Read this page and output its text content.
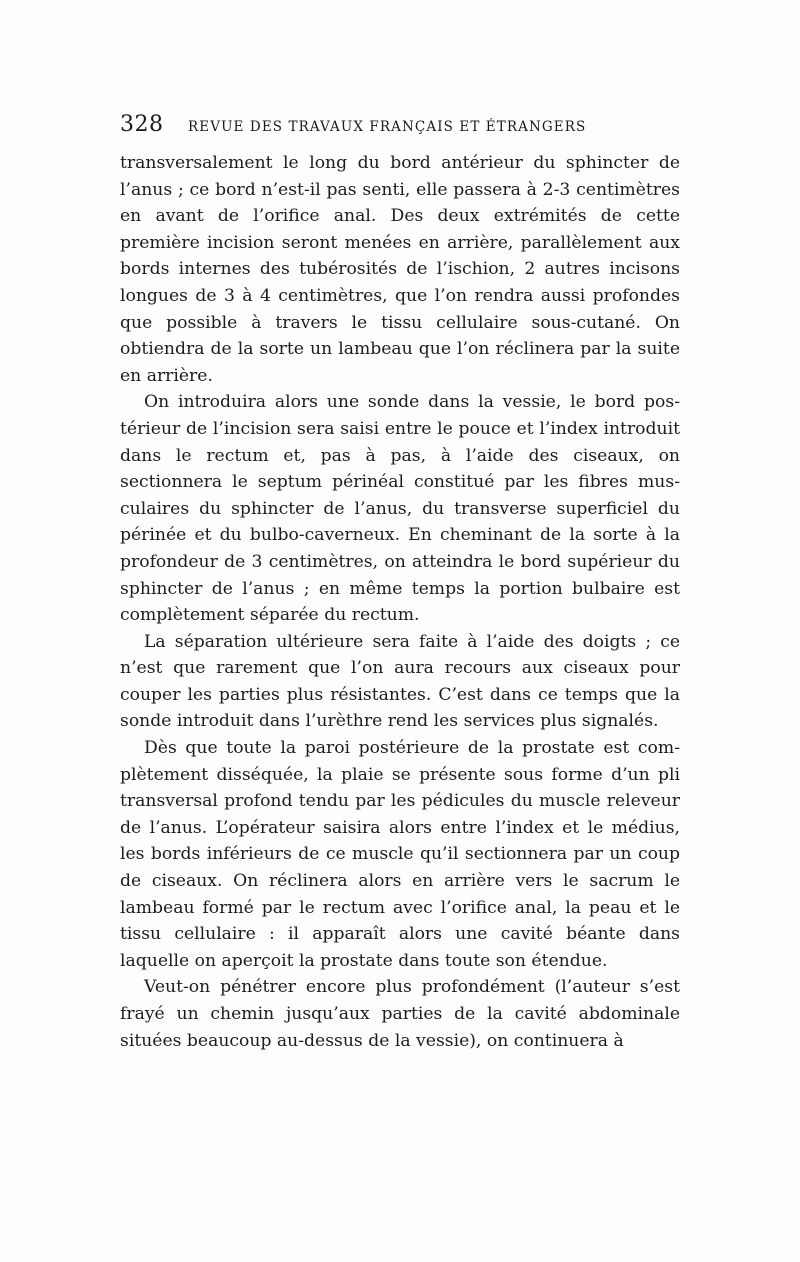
328 REVUE DES TRAVAUX FRANÇAIS ET ÉTRANGERS

transversalement le long du bord antérieur du sphincter de l’anus ; ce bord n’est-il pas senti, elle passera à 2-3 centimètres en avant de l’orifice anal. Des deux extrémités de cette première incision seront menées en arrière, parallèlement aux bords internes des tubérosités de l’ischion, 2 autres incisons longues de 3 à 4 centimètres, que l’on rendra aussi profondes que possible à travers le tissu cellulaire sous-cutané. On obtiendra de la sorte un lambeau que l’on réclinera par la suite en arrière.

On introduira alors une sonde dans la vessie, le bord postérieur de l’incision sera saisi entre le pouce et l’index introduit dans le rectum et, pas à pas, à l’aide des ciseaux, on sectionnera le septum périnéal constitué par les fibres musculaires du sphincter de l’anus, du transverse superficiel du périnée et du bulbo-caverneux. En cheminant de la sorte à la profondeur de 3 centimètres, on atteindra le bord supérieur du sphincter de l’anus ; en même temps la portion bulbaire est complètement séparée du rectum.

La séparation ultérieure sera faite à l’aide des doigts ; ce n’est que rarement que l’on aura recours aux ciseaux pour couper les parties plus résistantes. C’est dans ce temps que la sonde introduit dans l’urèthre rend les services plus signalés.

Dès que toute la paroi postérieure de la prostate est complètement disséquée, la plaie se présente sous forme d’un pli transversal profond tendu par les pédicules du muscle releveur de l’anus. L’opérateur saisira alors entre l’index et le médius, les bords inférieurs de ce muscle qu’il sectionnera par un coup de ciseaux. On réclinera alors en arrière vers le sacrum le lambeau formé par le rectum avec l’orifice anal, la peau et le tissu cellulaire : il apparaît alors une cavité béante dans laquelle on aperçoit la prostate dans toute son étendue.

Veut-on pénétrer encore plus profondément (l’auteur s’est frayé un chemin jusqu’aux parties de la cavité abdominale situées beaucoup au-dessus de la vessie), on continuera à
